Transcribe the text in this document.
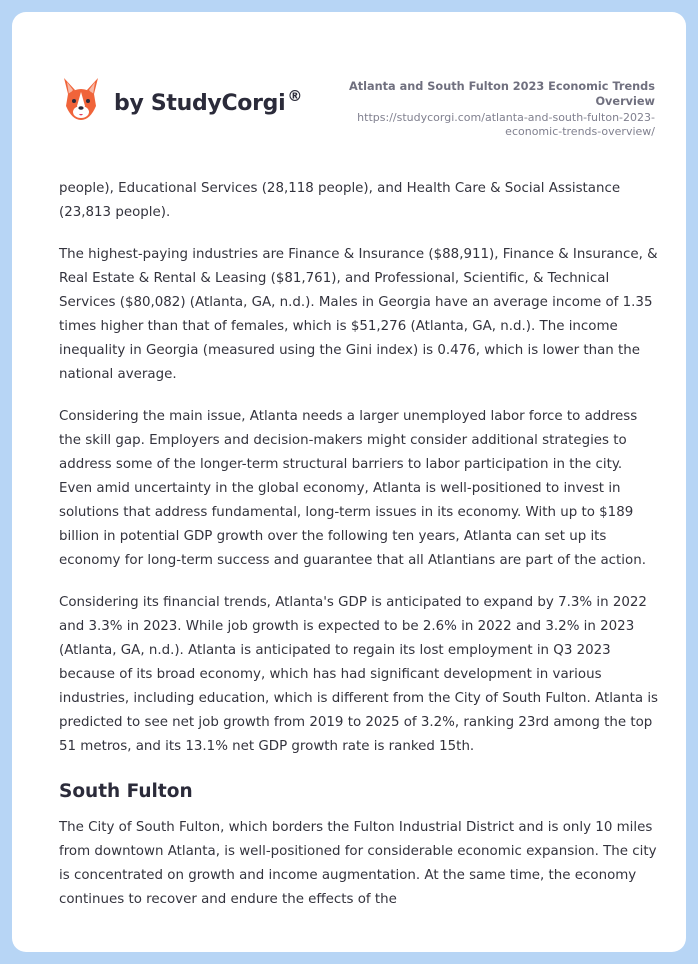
by StudyCorgi ®	Atlanta and South Fulton 2023 Economic Trends Overview
https://studycorgi.com/atlanta-and-south-fulton-2023-
economic-trends-overview/

people), Educational Services (28,118 people), and Health Care & Social Assistance (23,813 people).

The highest-paying industries are Finance & Insurance ($88,911), Finance & Insurance, & Real Estate & Rental & Leasing ($81,761), and Professional, Scientific, & Technical Services ($80,082) (Atlanta, GA, n.d.). Males in Georgia have an average income of 1.35 times higher than that of females, which is $51,276 (Atlanta, GA, n.d.). The income inequality in Georgia (measured using the Gini index) is 0.476, which is lower than the national average.

Considering the main issue, Atlanta needs a larger unemployed labor force to address the skill gap. Employers and decision-makers might consider additional strategies to address some of the longer-term structural barriers to labor participation in the city. Even amid uncertainty in the global economy, Atlanta is well-positioned to invest in solutions that address fundamental, long-term issues in its economy. With up to $189 billion in potential GDP growth over the following ten years, Atlanta can set up its economy for long-term success and guarantee that all Atlantians are part of the action.

Considering its financial trends, Atlanta's GDP is anticipated to expand by 7.3% in 2022 and 3.3% in 2023. While job growth is expected to be 2.6% in 2022 and 3.2% in 2023 (Atlanta, GA, n.d.). Atlanta is anticipated to regain its lost employment in Q3 2023 because of its broad economy, which has had significant development in various industries, including education, which is different from the City of South Fulton. Atlanta is predicted to see net job growth from 2019 to 2025 of 3.2%, ranking 23rd among the top 51 metros, and its 13.1% net GDP growth rate is ranked 15th.

South Fulton

The City of South Fulton, which borders the Fulton Industrial District and is only 10 miles from downtown Atlanta, is well-positioned for considerable economic expansion. The city is concentrated on growth and income augmentation. At the same time, the economy continues to recover and endure the effects of the
